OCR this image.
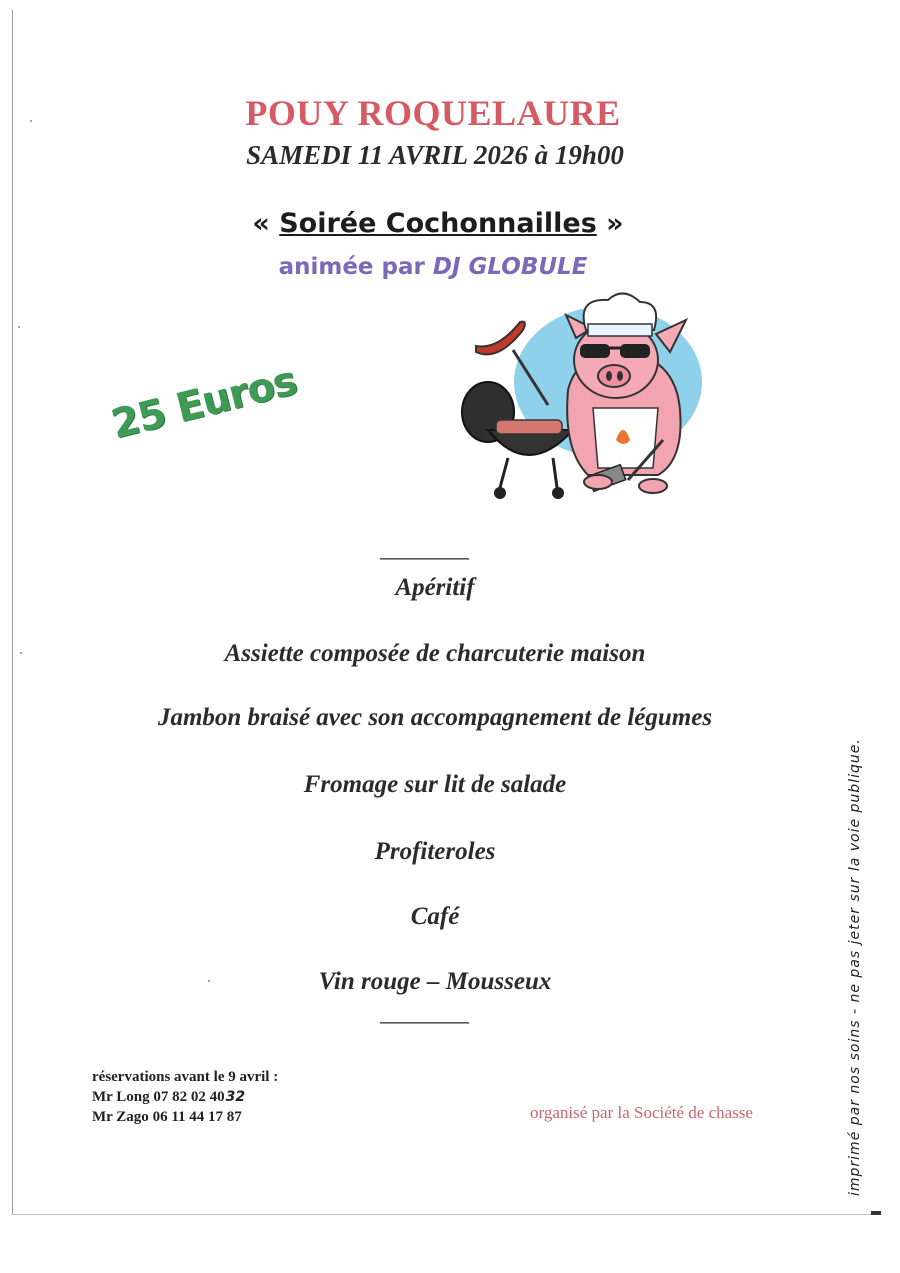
POUY ROQUELAURE
SAMEDI 11 AVRIL 2026 à 19h00
« Soirée Cochonnailles »
animée par DJ GLOBULE
25 Euros
___________
Apéritif
Assiette composée de charcuterie maison
Jambon braisé avec son accompagnement de légumes
Fromage sur lit de salade
Profiteroles
Café
Vin rouge – Mousseux
___________
réservations avant le 9 avril :
Mr Long 07 82 02 4032
Mr Zago 06 11 44 17 87	organisé par la Société de chasse	imprimé par nos soins - ne pas jeter sur la voie publique.
